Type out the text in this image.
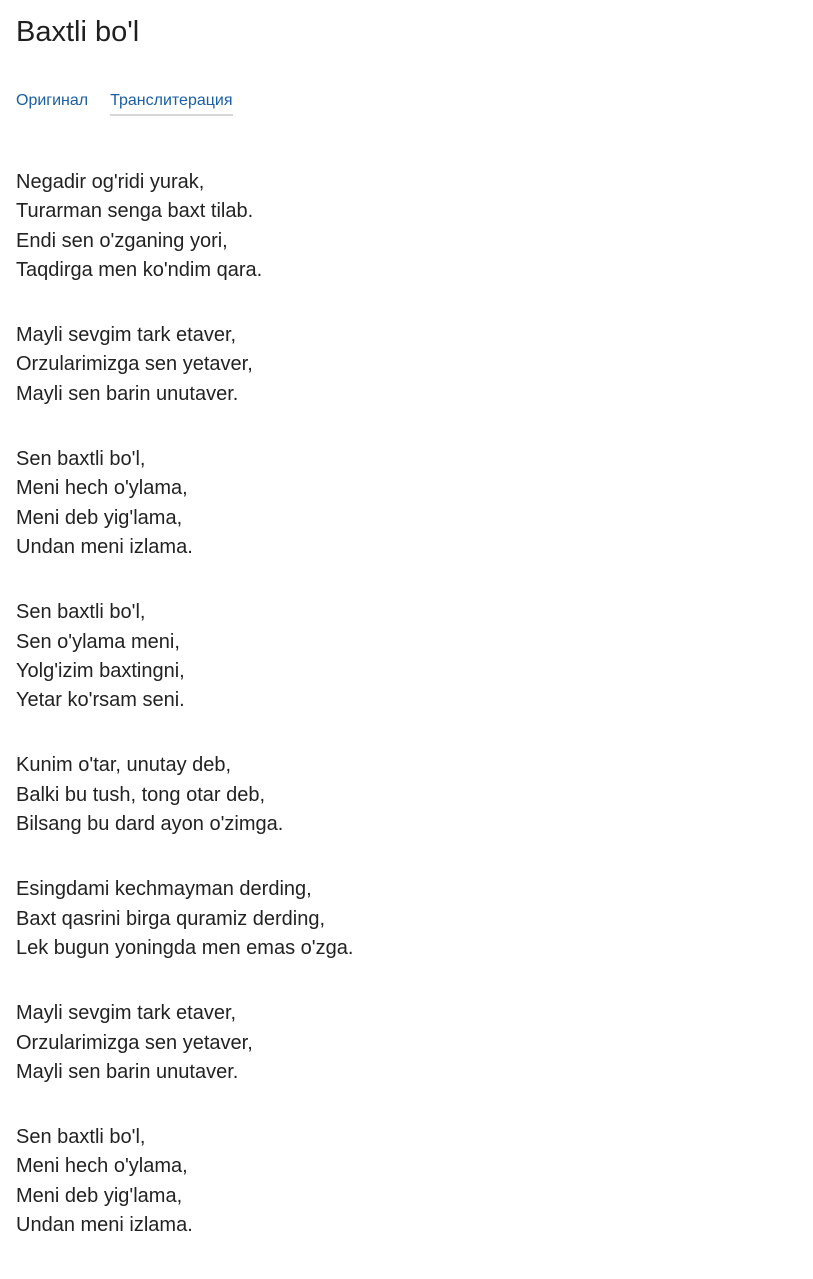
Baxtli bo'l
Оригинал Транслитерация
Negadir og'ridi yurak,
Turarman senga baxt tilab.
Endi sen o'zganing yori,
Taqdirga men ko'ndim qara.
Mayli sevgim tark etaver,
Orzularimizga sen yetaver,
Mayli sen barin unutaver.
Sen baxtli bo'l,
Meni hech o'ylama,
Meni deb yig'lama,
Undan meni izlama.
Sen baxtli bo'l,
Sen o'ylama meni,
Yolg'izim baxtingni,
Yetar ko'rsam seni.
Kunim o'tar, unutay deb,
Balki bu tush, tong otar deb,
Bilsang bu dard ayon o'zimga.
Esingdami kechmayman derding,
Baxt qasrini birga quramiz derding,
Lek bugun yoningda men emas o'zga.
Mayli sevgim tark etaver,
Orzularimizga sen yetaver,
Mayli sen barin unutaver.
Sen baxtli bo'l,
Meni hech o'ylama,
Meni deb yig'lama,
Undan meni izlama.
